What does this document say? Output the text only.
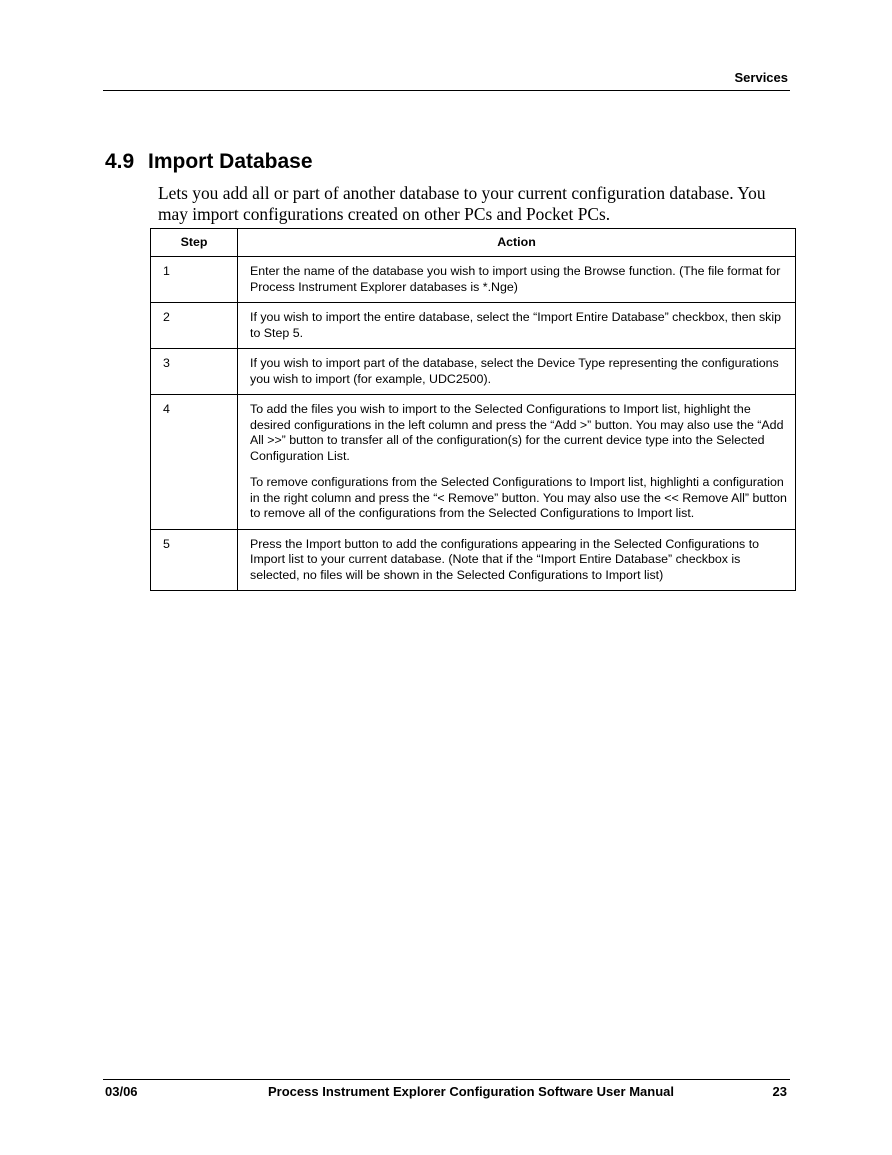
Services
4.9 Import Database

Lets you add all or part of another database to your current configuration database. You may import configurations created on other PCs and Pocket PCs.

Step	Action
1	Enter the name of the database you wish to import using the Browse function. (The file format for Process Instrument Explorer databases is *.Nge)

2	If you wish to import the entire database, select the “Import Entire Database” checkbox, then skip to Step 5.

3	If you wish to import part of the database, select the Device Type representing the configurations you wish to import (for example, UDC2500).

4	To add the files you wish to import to the Selected Configurations to Import list, highlight the desired configurations in the left column and press the “Add >” button. You may also use the “Add All >>” button to transfer all of the configuration(s) for the current device type into the Selected Configuration List.

To remove configurations from the Selected Configurations to Import list, highlighti a configuration in the right column and press the “< Remove” button. You may also use the << Remove All” button to remove all of the configurations from the Selected Configurations to Import list.

5	Press the Import button to add the configurations appearing in the Selected Configurations to Import list to your current database. (Note that if the “Import Entire Database” checkbox is selected, no files will be shown in the Selected Configurations to Import list)

03/06	Process Instrument Explorer Configuration Software User Manual	23
